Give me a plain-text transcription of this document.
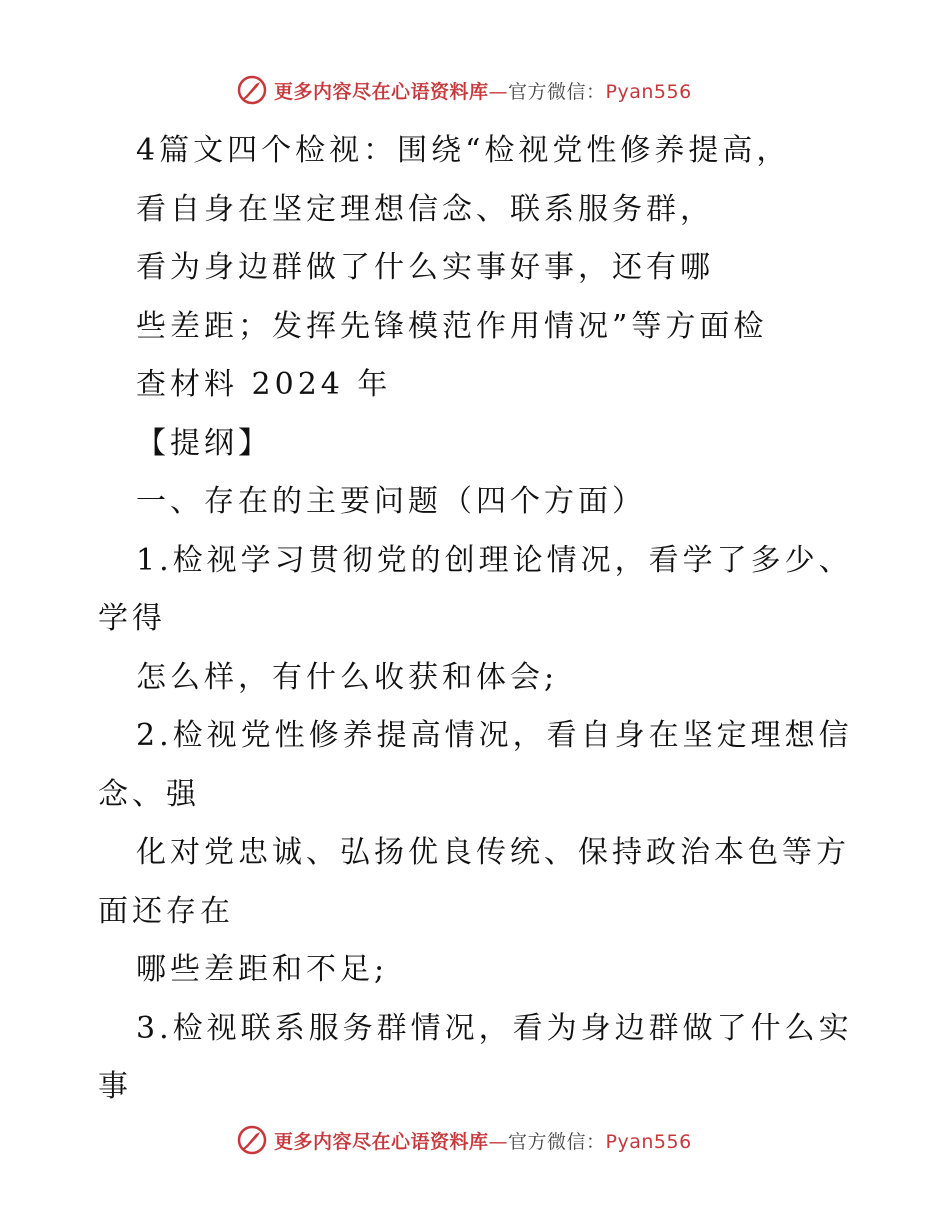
更多内容尽在心语资料库—官方微信：Pyan556
4篇文四个检视：围绕“检视党性修养提高，
看自身在坚定理想信念、联系服务群，
看为身边群做了什么实事好事，还有哪
些差距；发挥先锋模范作用情况”等方面检
查材料 2024 年
【提纲】
一、存在的主要问题（四个方面）
1.检视学习贯彻党的创理论情况，看学了多少、
学得
怎么样，有什么收获和体会;
2.检视党性修养提高情况，看自身在坚定理想信
念、强
化对党忠诚、弘扬优良传统、保持政治本色等方
面还存在
哪些差距和不足;
3.检视联系服务群情况，看为身边群做了什么实
事
更多内容尽在心语资料库—官方微信：Pyan556
